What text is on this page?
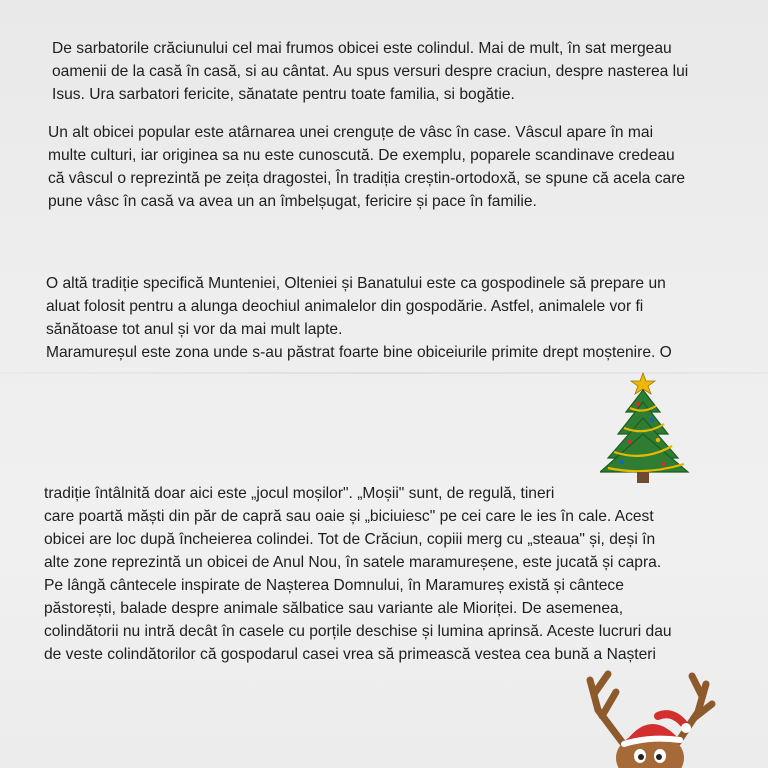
De sarbatorile crăciunului cel mai frumos obicei este colindul. Mai de mult, în sat mergeau
oamenii de la casă în casă, si au cântat. Au spus versuri despre craciun, despre nasterea lui
Isus. Ura sarbatori fericite, sănatate pentru toate familia, si bogătie.
Un alt obicei popular este atârnarea unei crenguțe de vâsc în case. Vâscul apare în mai
multe culturi, iar originea sa nu este cunoscută. De exemplu, poparele scandinave credeau
că vâscul o reprezintă pe zeița dragostei, În tradiția creștin-ortodoxă, se spune că acela care
pune vâsc în casă va avea un an îmbelșugat, fericire și pace în familie.
O altă tradiție specifică Munteniei, Olteniei și Banatului este ca gospodinele să prepare un
aluat folosit pentru a alunga deochiul animalelor din gospodărie. Astfel, animalele vor fi
sănătoase tot anul și vor da mai mult lapte.
Maramureșul este zona unde s-au păstrat foarte bine obiceiurile primite drept moștenire. O
tradiție întâlnită doar aici este „jocul moșilor". „Moșii" sunt, de regulă, tineri
care poartă măști din păr de capră sau oaie și „biciuiesc" pe cei care le ies în cale. Acest
obicei are loc după încheierea colindei. Tot de Crăciun, copiii merg cu „steaua" și, deși în
alte zone reprezintă un obicei de Anul Nou, în satele maramureșene, este jucată și capra.
Pe lângă cântecele inspirate de Nașterea Domnului, în Maramureș există și cântece
păstorești, balade despre animale sălbatice sau variante ale Mioriței. De asemenea,
colindătorii nu intră decât în casele cu porțile deschise și lumina aprinsă. Aceste lucruri dau
de veste colindătorilor că gospodarul casei vrea să primească vestea cea bună a Nașteri
